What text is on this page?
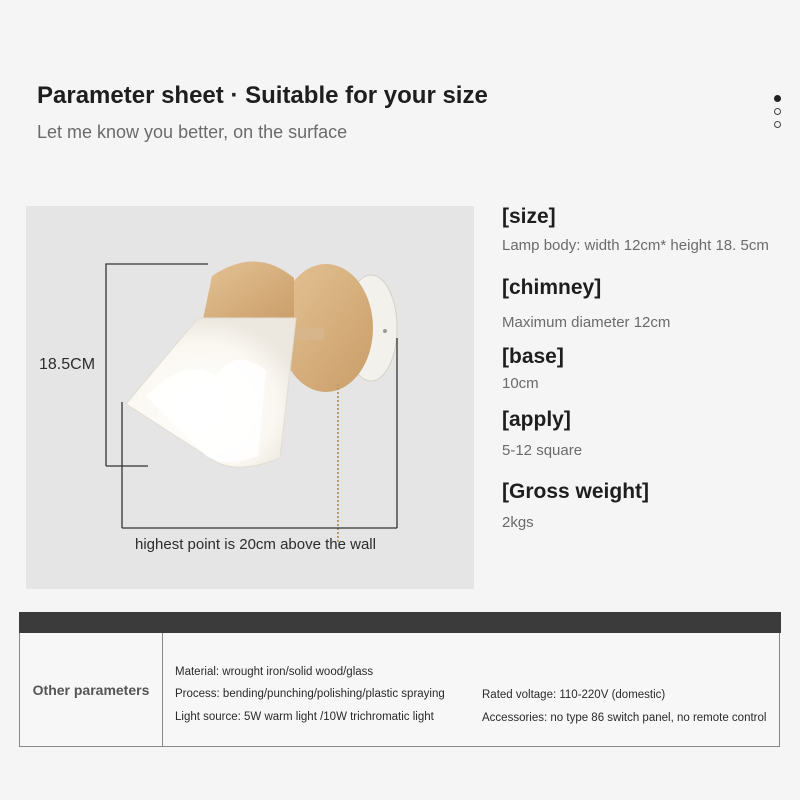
Parameter sheet · Suitable for your size
Let me know you better, on the surface
18.5CM
highest point is 20cm above the wall
[size]
Lamp body: width 12cm* height 18. 5cm
[chimney]
Maximum diameter 12cm
[base]
10cm
[apply]
5-12 square
[Gross weight]
2kgs
Other parameters
Material: wrought iron/solid wood/glass
Process: bending/punching/polishing/plastic spraying
Light source: 5W warm light /10W trichromatic light
Rated voltage: 110-220V (domestic)
Accessories: no type 86 switch panel, no remote control
